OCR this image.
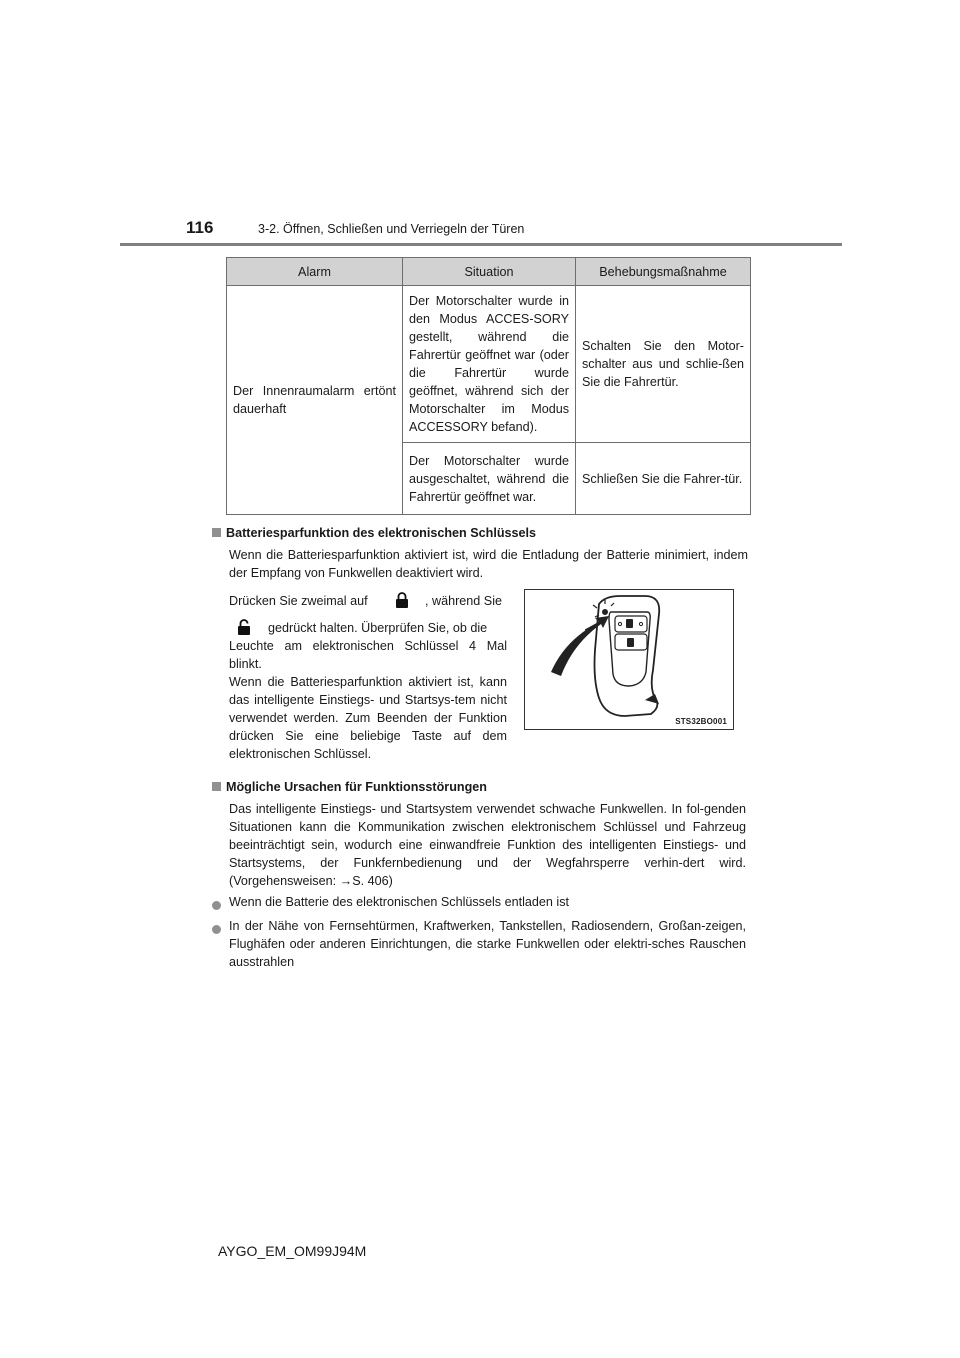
116	3-2. Öffnen, Schließen und Verriegeln der Türen
Alarm	Situation	Behebungsmaßnahme
Der Innenraumalarm ertönt dauerhaft	Der Motorschalter wurde in den Modus ACCES-SORY gestellt, während die Fahrertür geöffnet war (oder die Fahrertür wurde geöffnet, während sich der Motorschalter im Modus ACCESSORY befand).	Schalten Sie den Motor-schalter aus und schlie-ßen Sie die Fahrertür.
	Der Motorschalter wurde ausgeschaltet, während die Fahrertür geöffnet war.	Schließen Sie die Fahrer-tür.
Batteriesparfunktion des elektronischen Schlüssels
Wenn die Batteriesparfunktion aktiviert ist, wird die Entladung der Batterie minimiert, indem der Empfang von Funkwellen deaktiviert wird.
Drücken Sie zweimal auf	, während Sie
gedrückt halten. Überprüfen Sie, ob die
Leuchte am elektronischen Schlüssel 4 Mal blinkt.
Wenn die Batteriesparfunktion aktiviert ist, kann das intelligente Einstiegs- und Startsys-tem nicht verwendet werden. Zum Beenden der Funktion drücken Sie eine beliebige Taste auf dem elektronischen Schlüssel.
STS32BO001
Mögliche Ursachen für Funktionsstörungen
Das intelligente Einstiegs- und Startsystem verwendet schwache Funkwellen. In fol-genden Situationen kann die Kommunikation zwischen elektronischem Schlüssel und Fahrzeug beeinträchtigt sein, wodurch eine einwandfreie Funktion des intelligenten Einstiegs- und Startsystems, der Funkfernbedienung und der Wegfahrsperre verhin-dert wird. (Vorgehensweisen: →S. 406)
Wenn die Batterie des elektronischen Schlüssels entladen ist
In der Nähe von Fernsehtürmen, Kraftwerken, Tankstellen, Radiosendern, Großan-zeigen, Flughäfen oder anderen Einrichtungen, die starke Funkwellen oder elektri-sches Rauschen ausstrahlen
AYGO_EM_OM99J94M
